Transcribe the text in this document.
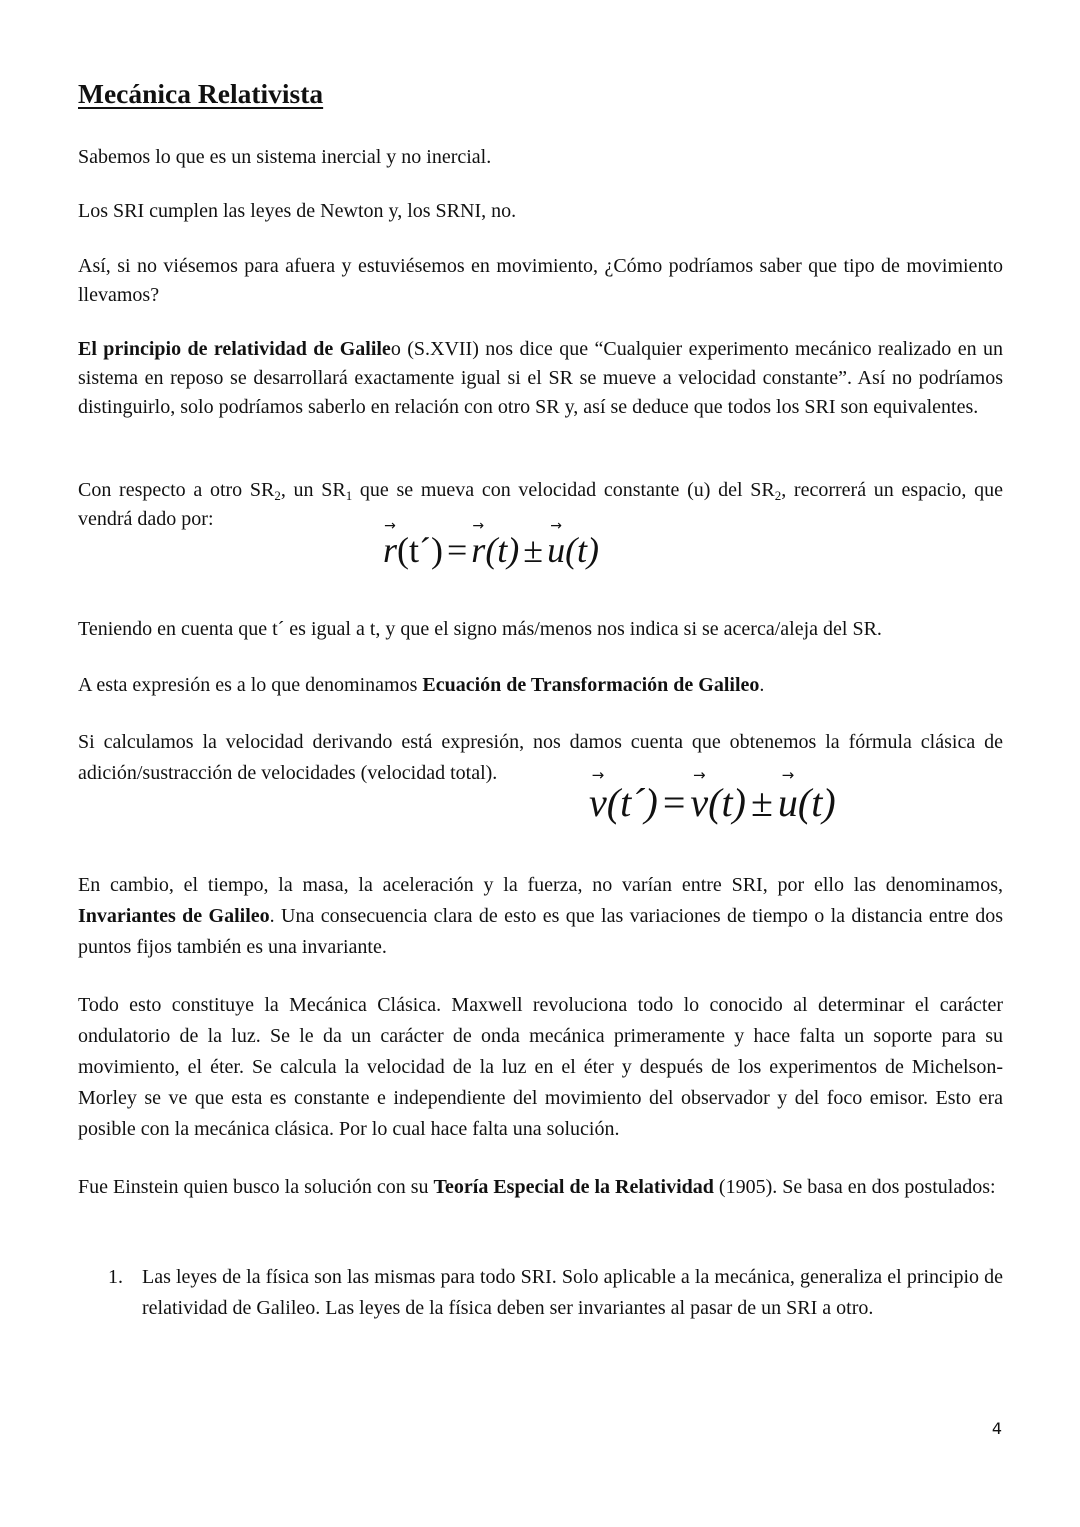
Mecánica Relativista

Sabemos lo que es un sistema inercial y no inercial.

Los SRI cumplen las leyes de Newton y, los SRNI, no.

Así, si no viésemos para afuera y estuviésemos en movimiento, ¿Cómo podríamos saber que tipo de movimiento llevamos?

El principio de relatividad de Galileo (S.XVII) nos dice que “Cualquier experimento mecánico realizado en un sistema en reposo se desarrollará exactamente igual si el SR se mueve a velocidad constante”. Así no podríamos distinguirlo, solo podríamos saberlo en relación con otro SR y, así se deduce que todos los SRI son equivalentes.

Con respecto a otro $SR_2$, un $SR_1$ que se mueva con velocidad constante (u) del $SR_2$, recorrerá un espacio, que vendrá dado por:	→
r(t´) =
→
r(t) ±
→
u(t)

Teniendo en cuenta que t´ es igual a t, y que el signo más/menos nos indica si se acerca/aleja del SR.

A esta expresión es a lo que denominamos Ecuación de Transformación de Galileo.

Si calculamos la velocidad derivando está expresión, nos damos cuenta que obtenemos la fórmula clásica de adición/sustracción de velocidades (velocidad total).	→
v(t´) =
→
v(t) ±
→
u(t)

En cambio, el tiempo, la masa, la aceleración y la fuerza, no varían entre SRI, por ello las denominamos, Invariantes de Galileo. Una consecuencia clara de esto es que las variaciones de tiempo o la distancia entre dos puntos fijos también es una invariante.

Todo esto constituye la Mecánica Clásica. Maxwell revoluciona todo lo conocido al determinar el carácter ondulatorio de la luz. Se le da un carácter de onda mecánica primeramente y hace falta un soporte para su movimiento, el éter. Se calcula la velocidad de la luz en el éter y después de los experimentos de Michelson-Morley se ve que esta es constante e independiente del movimiento del observador y del foco emisor. Esto era posible con la mecánica clásica. Por lo cual hace falta una solución.

Fue Einstein quien busco la solución con su Teoría Especial de la Relatividad (1905). Se basa en dos postulados:

1. Las leyes de la física son las mismas para todo SRI. Solo aplicable a la mecánica, generaliza el principio de relatividad de Galileo. Las leyes de la física deben ser invariantes al pasar de un SRI a otro.
4
